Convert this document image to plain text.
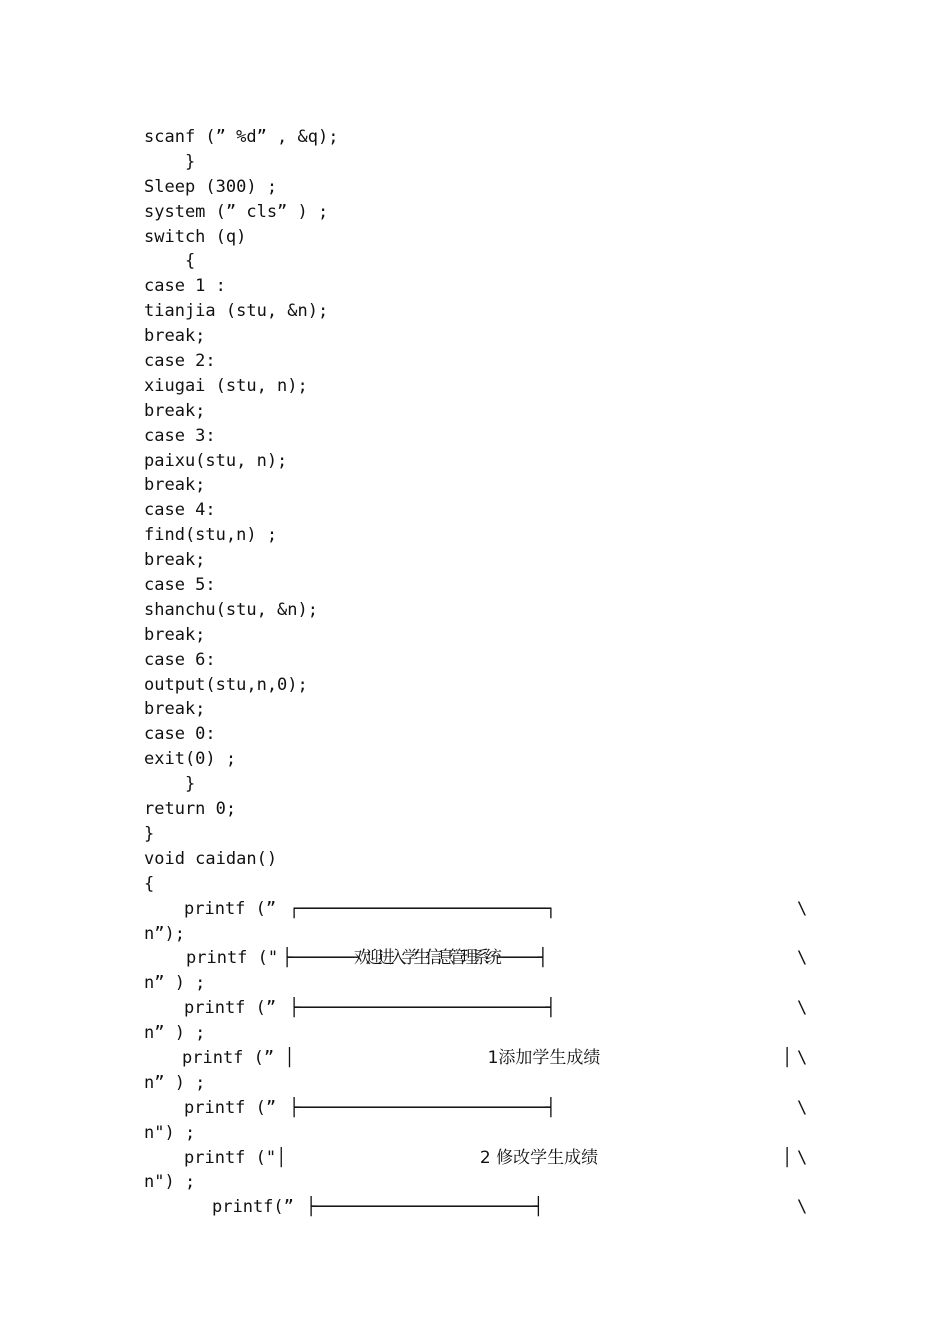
scanf (” %d” , &q);
}
Sleep (300) ;
system (” cls” ) ;
switch (q)
{
case 1 :
tianjia (stu, &n);
break;
case 2:
xiugai (stu, n);
break;
case 3:
paixu(stu, n);
break;
case 4:
find(stu,n) ;
break;
case 5:
shanchu(stu, &n);
break;
case 6:
output(stu,n,0);
break;
case 0:
exit(0) ;
}
return 0;
}
void caidan()
{

printf (”

┌─────────────────────────────────────────────────┐

	\

n”);

printf ("

├─────────────欢迎进入学生信息管理系统────────┤

	\

n” ) ;

printf (”

├─────────────────────────────────────────────────┤

	\

n” ) ;

printf (” │

	1添加学生成绩

	│

\

n” ) ;

printf (”

├─────────────────────────────────────────────────┤

	\

n") ;

printf ("│

	2 修改学生成绩

	│

\

n") ;

printf(”

├──────────────────────────────────────────┤

	\
